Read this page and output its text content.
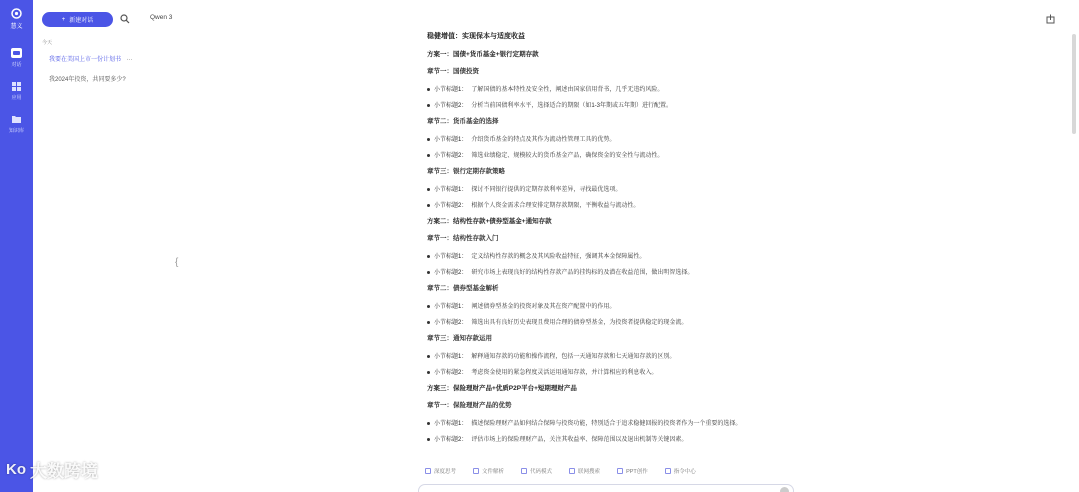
慧义
对话
应用
知识库
+ 新建对话	Qwen 3
今天
我要在美国上市一份计划书 ···
我2024年投资，共同要多少?
{
稳健增值：实现保本与适度收益
方案一：国债+货币基金+银行定期存款
章节一：国债投资
小节标题1： 了解国债的基本特性及安全性，阐述由国家信用背书，几乎无违约风险。
小节标题2： 分析当前国债利率水平，选择适合的期限（如1-3年期或五年期）进行配置。
章节二：货币基金的选择
小节标题1： 介绍货币基金的特点及其作为流动性管理工具的优势。
小节标题2： 筛选业绩稳定、规模较大的货币基金产品，确保资金的安全性与流动性。
章节三：银行定期存款策略
小节标题1： 探讨不同银行提供的定期存款利率差异，寻找最优选项。
小节标题2： 根据个人资金需求合理安排定期存款期限，平衡收益与流动性。
方案二：结构性存款+债券型基金+通知存款
章节一：结构性存款入门
小节标题1： 定义结构性存款的概念及其风险收益特征，强调其本金保障属性。
小节标题2： 研究市场上表现良好的结构性存款产品的挂钩标的及潜在收益范围，做出明智选择。
章节二：债券型基金解析
小节标题1： 阐述债券型基金的投资对象及其在资产配置中的作用。
小节标题2： 筛选出具有良好历史表现且费用合理的债券型基金，为投资者提供稳定的现金流。
章节三：通知存款运用
小节标题1： 解释通知存款的功能和操作流程，包括一天通知存款和七天通知存款的区别。
小节标题2： 考虑资金使用的紧急程度灵活运用通知存款，并计算相应的利息收入。
方案三：保险理财产品+优质P2P平台+短期理财产品
章节一：保险理财产品的优势
小节标题1： 描述保险理财产品如何结合保障与投资功能，特别适合于追求稳健回报的投资者作为一个重要的选择。
小节标题2： 评估市场上的保险理财产品，关注其收益率、保障范围以及退出机制等关键因素。
深度思考	文件解析	代码模式	联网搜索	PPT创作	指令中心
Ko 大数跨境
